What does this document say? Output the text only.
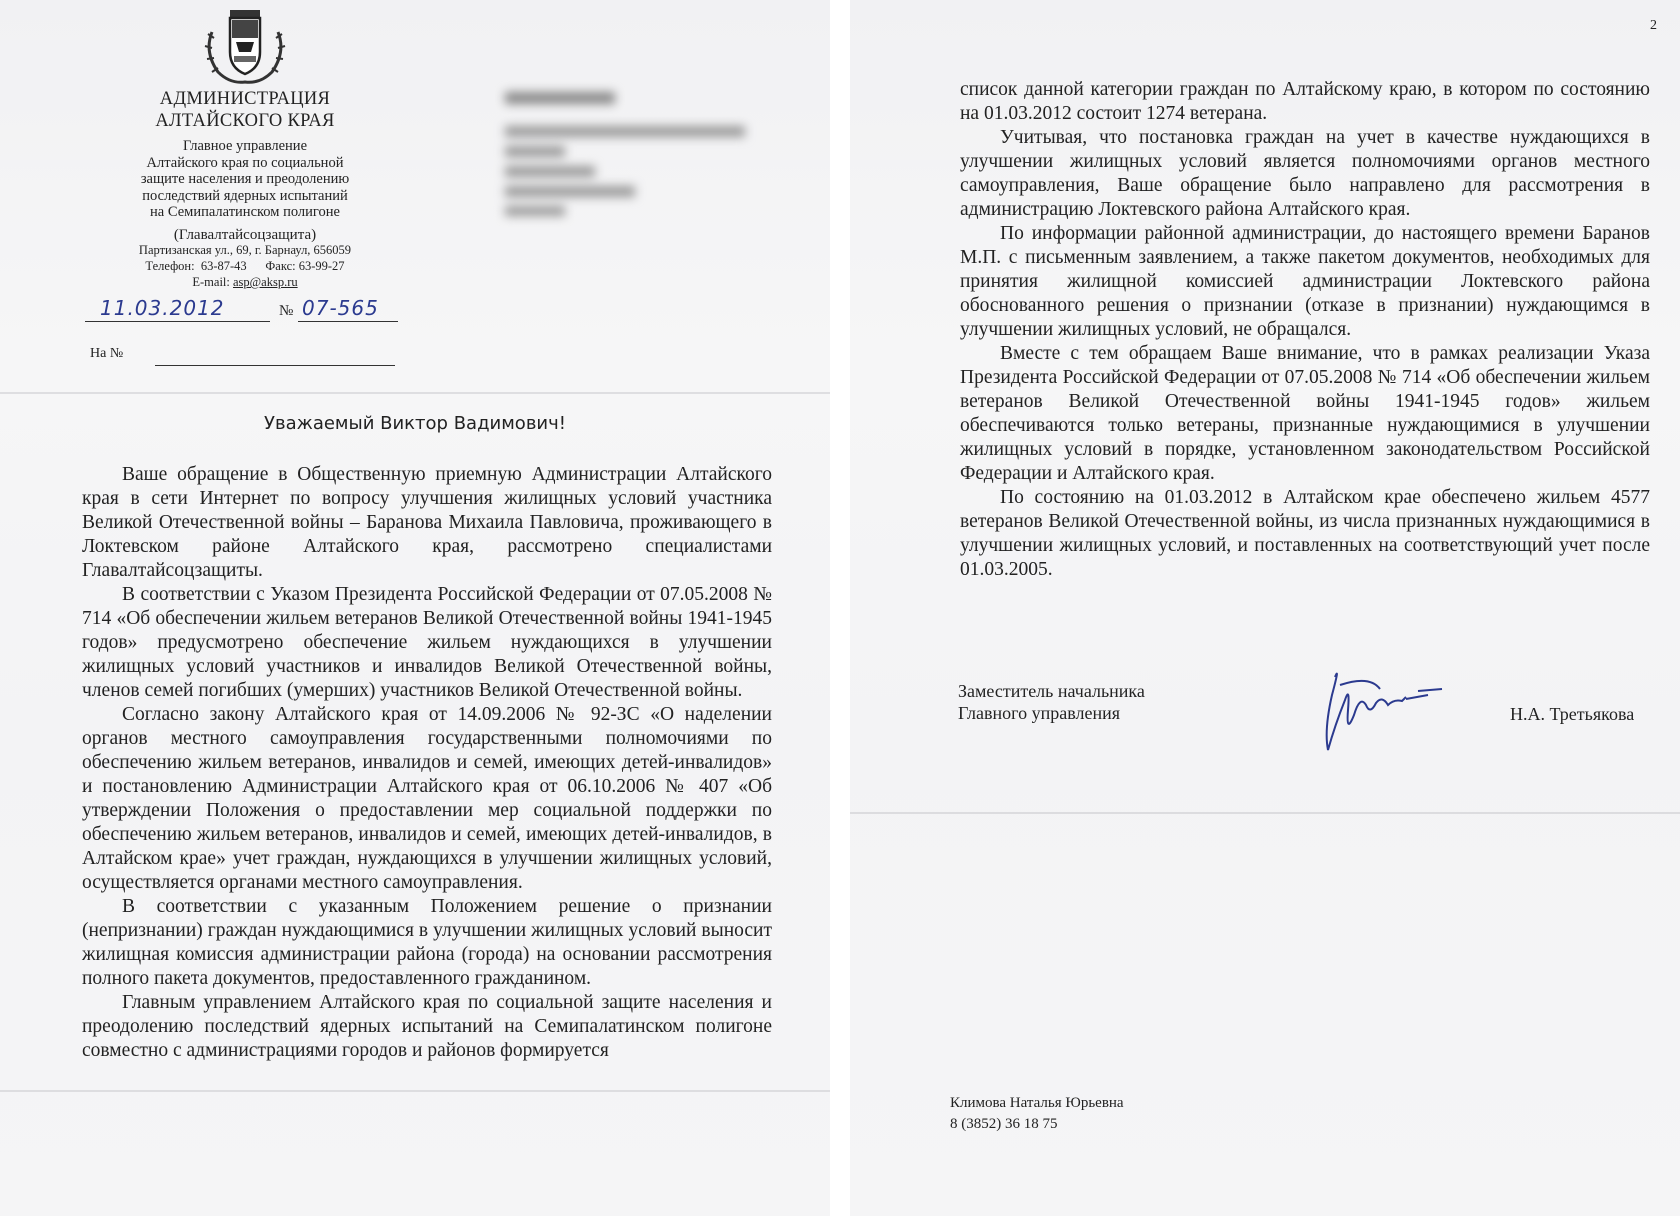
АДМИНИСТРАЦИЯ
АЛТАЙСКОГО КРАЯ
Главное управление
Алтайского края по социальной
защите населения и преодолению
последствий ядерных испытаний
на Семипалатинском полигоне
(Главалтайсоцзащита)
Партизанская ул., 69, г. Барнаул, 656059
Телефон:  63-87-43      Факс: 63-99-27
E-mail: asp@aksp.ru
11.03.2012	№ 07-565
На №
Уважаемый Виктор Вадимович!

Ваше обращение в Общественную приемную Администрации Алтайского края в сети Интернет по вопросу улучшения жилищных условий участника Великой Отечественной войны – Баранова Михаила Павловича, проживающего в Локтевском районе Алтайского края, рассмотрено специалистами Главалтайсоцзащиты.

В соответствии с Указом Президента Российской Федерации от 07.05.2008 № 714 «Об обеспечении жильем ветеранов Великой Отечественной войны 1941-1945 годов» предусмотрено обеспечение жильем нуждающихся в улучшении жилищных условий участников и инвалидов Великой Отечественной войны, членов семей погибших (умерших) участников Великой Отечественной войны.

Согласно закону Алтайского края от 14.09.2006 № 92-ЗС «О наделении органов местного самоуправления государственными полномочиями по обеспечению жильем ветеранов, инвалидов и семей, имеющих детей-инвалидов» и постановлению Администрации Алтайского края от 06.10.2006 № 407 «Об утверждении Положения о предоставлении мер социальной поддержки по обеспечению жильем ветеранов, инвалидов и семей, имеющих детей-инвалидов, в Алтайском крае» учет граждан, нуждающихся в улучшении жилищных условий, осуществляется органами местного самоуправления.

В соответствии с указанным Положением решение о признании (непризнании) граждан нуждающимися в улучшении жилищных условий выносит жилищная комиссия администрации района (города) на основании рассмотрения полного пакета документов, предоставленного гражданином.

Главным управлением Алтайского края по социальной защите населения и преодолению последствий ядерных испытаний на Семипалатинском полигоне совместно с администрациями городов и районов формируется

2

список данной категории граждан по Алтайскому краю, в котором по состоянию на 01.03.2012 состоит 1274 ветерана.

Учитывая, что постановка граждан на учет в качестве нуждающихся в улучшении жилищных условий является полномочиями органов местного самоуправления, Ваше обращение было направлено для рассмотрения в администрацию Локтевского района Алтайского края.

По информации районной администрации, до настоящего времени Баранов М.П. с письменным заявлением, а также пакетом документов, необходимых для принятия жилищной комиссией администрации Локтевского района обоснованного решения о признании (отказе в признании) нуждающимся в улучшении жилищных условий, не обращался.

Вместе с тем обращаем Ваше внимание, что в рамках реализации Указа Президента Российской Федерации от 07.05.2008 № 714 «Об обеспечении жильем ветеранов Великой Отечественной войны 1941-1945 годов» жильем обеспечиваются только ветераны, признанные нуждающимися в улучшении жилищных условий в порядке, установленном законодательством Российской Федерации и Алтайского края.

По состоянию на 01.03.2012 в Алтайском крае обеспечено жильем 4577 ветеранов Великой Отечественной войны, из числа признанных нуждающимися в улучшении жилищных условий, и поставленных на соответствующий учет после 01.03.2005.

Заместитель начальника
Главного управления	Н.А. Третьякова
Климова Наталья Юрьевна
8 (3852) 36 18 75
